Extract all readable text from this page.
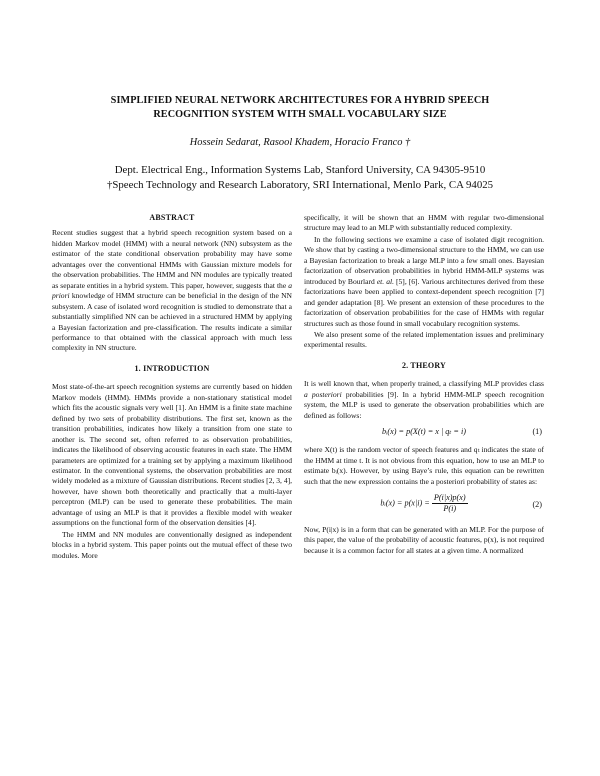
SIMPLIFIED NEURAL NETWORK ARCHITECTURES FOR A HYBRID SPEECH
RECOGNITION SYSTEM WITH SMALL VOCABULARY SIZE
Hossein Sedarat, Rasool Khadem, Horacio Franco †
Dept. Electrical Eng., Information Systems Lab, Stanford University, CA 94305-9510
†Speech Technology and Research Laboratory, SRI International, Menlo Park, CA 94025
ABSTRACT

Recent studies suggest that a hybrid speech recognition system based on a hidden Markov model (HMM) with a neural network (NN) subsystem as the estimator of the state conditional observation probability may have some advantages over the conventional HMMs with Gaussian mixture models for the observation probabilities. The HMM and NN modules are typically treated as separate entities in a hybrid system. This paper, however, suggests that the a priori knowledge of HMM structure can be beneficial in the design of the NN subsystem. A case of isolated word recognition is studied to demonstrate that a substantially simplified NN can be achieved in a structured HMM by applying a Bayesian factorization and pre-classification. The results indicate a similar performance to that obtained with the classical approach with much less complexity in NN structure.

1. INTRODUCTION

Most state-of-the-art speech recognition systems are currently based on hidden Markov models (HMM). HMMs provide a non-stationary statistical model which fits the acoustic signals very well [1]. An HMM is a finite state machine defined by two sets of probability distributions. The first set, known as the transition probabilities, indicates how likely a transition from one state to another is. The second set, often referred to as observation probabilities, indicates the likelihood of observing acoustic features in each state. The HMM parameters are optimized for a training set by applying a maximum likelihood estimator. In the conventional systems, the observation probabilities are most widely modeled as a mixture of Gaussian distributions. Recent studies [2, 3, 4], however, have shown both theoretically and practically that a multi-layer perceptron (MLP) can be used to generate these probabilities. The main advantage of using an MLP is that it provides a flexible model with weaker assumptions on the functional form of the observation densities [4].

The HMM and NN modules are conventionally designed as independent blocks in a hybrid system. This paper points out the mutual effect of these two modules. More

specifically, it will be shown that an HMM with regular two-dimensional structure may lead to an MLP with substantially reduced complexity.

In the following sections we examine a case of isolated digit recognition. We show that by casting a two-dimensional structure to the HMM, we can use a Bayesian factorization to break a large MLP into a few small ones. Bayesian factorization of observation probabilities in hybrid HMM-MLP systems was introduced by Bourlard et. al. [5], [6]. Various architectures derived from these factorizations have been applied to context-dependent speech recognition [7] and gender adaptation [8]. We present an extension of these procedures to the factorization of observation probabilities for the case of HMMs with regular structures such as those found in small vocabulary recognition systems.

We also present some of the related implementation issues and preliminary experimental results.

2. THEORY

It is well known that, when properly trained, a classifying MLP provides class a posteriori probabilities [9]. In a hybrid HMM-MLP speech recognition system, the MLP is used to generate the observation probabilities which are defined as follows:

bᵢ(x) = p(X(t) = x | qₜ = i)	(1)

where X(t) is the random vector of speech features and qₜ indicates the state of the HMM at time t. It is not obvious from this equation, how to use an MLP to estimate bᵢ(x). However, by using Baye’s rule, this equation can be rewritten such that the new expression contains the a posteriori probability of states as:

bᵢ(x) = $p(x|i) = \frac{P(i|x)p(x)}{P(i)}$	(2)

Now, P(i|x) is in a form that can be generated with an MLP. For the purpose of this paper, the value of the probability of acoustic features, p(x), is not required because it is a common factor for all states at a given time. A normalized
